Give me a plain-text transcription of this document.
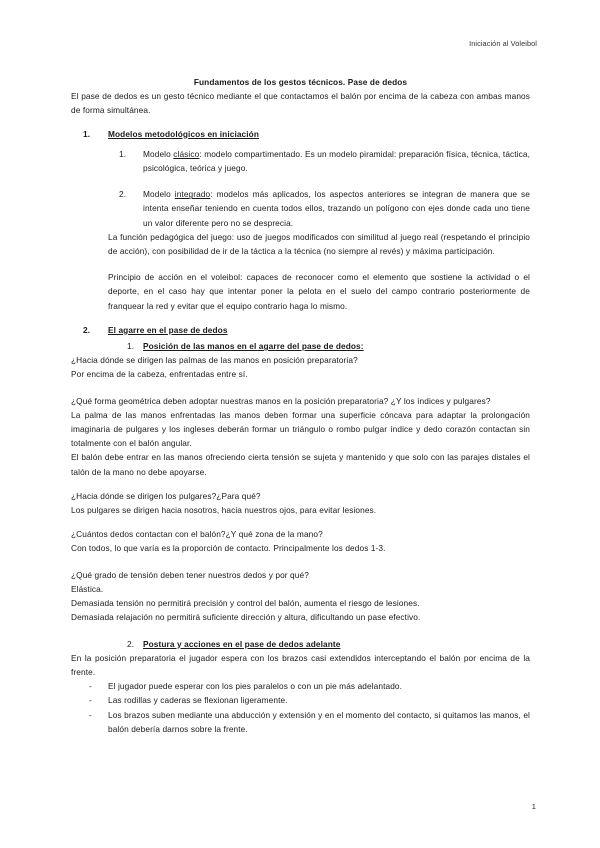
Iniciación al Voleibol

Fundamentos de los gestos técnicos. Pase de dedos

El pase de dedos es un gesto técnico mediante el que contactamos el balón por encima de la cabeza con ambas manos de forma simultánea.

1.	Modelos metodológicos en iniciación
1.	Modelo clásico: modelo compartimentado. Es un modelo piramidal: preparación física, técnica, táctica, psicológica, teórica y juego.
2.	Modelo integrado: modelos más aplicados, los aspectos anteriores se integran de manera que se intenta enseñar teniendo en cuenta todos ellos, trazando un polígono con ejes donde cada uno tiene un valor diferente pero no se desprecia.

La función pedagógica del juego: uso de juegos modificados con similitud al juego real (respetando el principio de acción), con posibilidad de ir de la táctica a la técnica (no siempre al revés) y máxima participación.

Principio de acción en el voleibol: capaces de reconocer como el elemento que sostiene la actividad o el deporte, en el caso hay que intentar poner la pelota en el suelo del campo contrario posteriormente de franquear la red y evitar que el equipo contrario haga lo mismo.

2.	El agarre en el pase de dedos
1.	Posición de las manos en el agarre del pase de dedos:

¿Hacia dónde se dirigen las palmas de las manos en posición preparatoria?

Por encima de la cabeza, enfrentadas entre sí.

¿Qué forma geométrica deben adoptar nuestras manos en la posición preparatoria? ¿Y los índices y pulgares?

La palma de las manos enfrentadas las manos deben formar una superficie cóncava para adaptar la prolongación imaginaria de pulgares y los ingleses deberán formar un triángulo o rombo pulgar índice y dedo corazón contactan sin totalmente con el balón angular.

El balón debe entrar en las manos ofreciendo cierta tensión se sujeta y mantenido y que solo con las parajes distales el talón de la mano no debe apoyarse.

¿Hacia dónde se dirigen los pulgares?¿Para qué?

Los pulgares se dirigen hacia nosotros, hacia nuestros ojos, para evitar lesiones.

¿Cuántos dedos contactan con el balón?¿Y qué zona de la mano?

Con todos, lo que varía es la proporción de contacto. Principalmente los dedos 1-3.

¿Qué grado de tensión deben tener nuestros dedos y por qué?

Elástica.

Demasiada tensión no permitirá precisión y control del balón, aumenta el riesgo de lesiones.

Demasiada relajación no permitirá suficiente dirección y altura, dificultando un pase efectivo.

2.	Postura y acciones en el pase de dedos adelante

En la posición preparatoria el jugador espera con los brazos casi extendidos interceptando el balón por encima de la frente.

-	El jugador puede esperar con los pies paralelos o con un pie más adelantado.
-	Las rodillas y caderas se flexionan ligeramente.
-	Los brazos suben mediante una abducción y extensión y en el momento del contacto, si quitamos las manos, el balón debería darnos sobre la frente.
1
